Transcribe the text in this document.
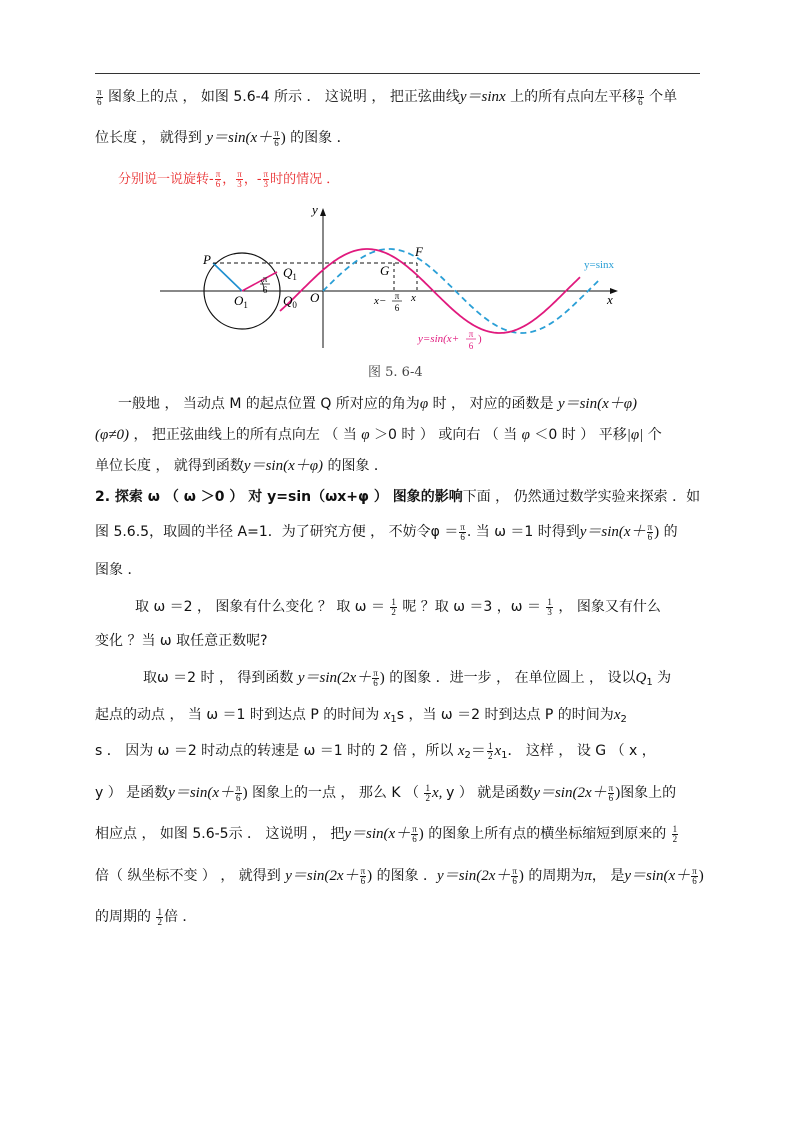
$\frac{\pi}{6}$ 图象上的点 ， 如图 5.6-4 所示 ． 这说明 ， 把正弦曲线y＝sinx 上的所有点向左平移 $\frac{\pi}{6}$ 个单
位长度 ， 就得到 $y=\sin(x+ \frac{\pi}{6}$ ) 的图象 ．
分别说一说旋转- $\frac{\pi}{6}$ ， $\frac{\pi}{3}$ ，- $\frac{\pi}{3}$ 时的情况 ．
y
x
P
$Q_1$
$Q_0$
$O_1$	O
F
G
π
6
x− π
6
x
y=sinx
y=sin(x+ π
6
)
图 5. 6-4
一般地 ， 当动点 M 的起点位置 Q 所对应的角为φ 时 ， 对应的函数是 y＝sin(x＋φ)
(φ≠0) ， 把正弦曲线上的所有点向左 （ 当 φ ＞0 时 ） 或向右 （ 当 φ ＜0 时 ） 平移|φ| 个
单位长度 ， 就得到函数y＝sin(x＋φ) 的图象 ．
2. 探索 ω （ ω ＞0 ） 对 y=sin（ωx+φ ） 图象的影响下面 ， 仍然通过数学实验来探索 ．如
图 5.6.5，取圆的半径 A=1．为了研究方便 ， 不妨令$\varphi = \frac{\pi}{6}$ . 当 ω ＝1 时得到$y=\sin(x+ \frac{\pi}{6}$ ) 的
图象 ．
取 ω ＝2 ， 图象有什么变化 ？ 取 $\omega = \frac{1}{2}$ 呢 ？取 ω ＝3 ，$\omega = \frac{1}{3}$ ， 图象又有什么
变化 ？当 ω 取任意正数呢?
取ω ＝2 时 ， 得到函数 $y=\sin(2x+ \frac{\pi}{6}$ ) 的图象 ．进一步 ， 在单位圆上 ， 设以$Q_1$ 为
起点的动点 ， 当 ω ＝1 时到达点 P 的时间为 $x_1s$ ，当 ω ＝2 时到达点 P 的时间为$x_2$
s ． 因为 ω ＝2 时动点的转速是 ω ＝1 时的 2 倍 ，所以 $x_2= \frac{1}{2} x_1$． 这样 ， 设 G （ x ，
y ） 是函数$y=\sin(x+ \frac{\pi}{6}$ ) 图象上的一点 ， 那么 K （ $\frac{1}{2} x$, y ） 就是函数$y=\sin(2x+ \frac{\pi}{6}$ )图象上的
相应点 ， 如图 5.6-5示 ． 这说明 ， 把$y=\sin(x+ \frac{\pi}{6}$ ) 的图象上所有点的横坐标缩短到原来的 $\frac{1}{2}$
倍（ 纵坐标不变 ） ， 就得到 $y=\sin(2x+ \frac{\pi}{6}$ ) 的图象 ．$y=\sin(2x+ \frac{\pi}{6}$ ) 的周期为π， 是$y=\sin(x+ \frac{\pi}{6}$ )
的周期的 $\frac{1}{2}$ 倍 ．
